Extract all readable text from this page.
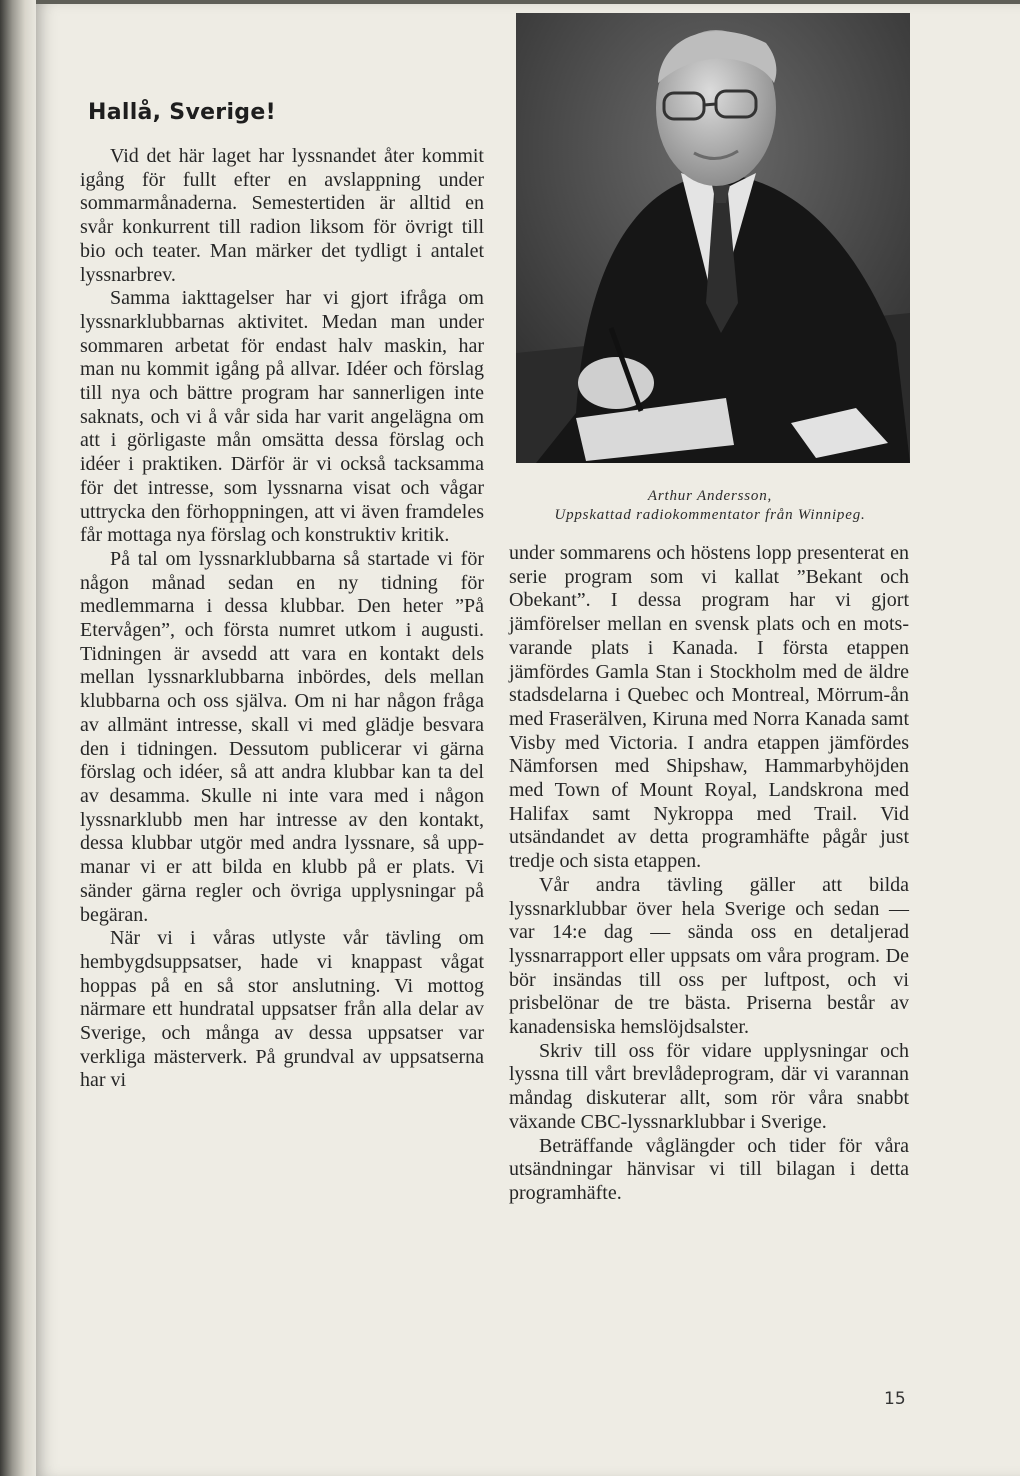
Hallå, Sverige!

Vid det här laget har lyssnandet åter kommit igång för fullt efter en avslappning under sommarmånaderna. Semestertiden är alltid en svår konkurrent till radion liksom för övrigt till bio och teater. Man märker det tydligt i antalet lyssnarbrev.

Samma iakttagelser har vi gjort ifråga om lyssnarklubbarnas aktivitet. Medan man under sommaren arbetat för endast halv maskin, har man nu kommit igång på allvar. Idéer och förslag till nya och bättre program har sannerligen inte saknats, och vi å vår sida har varit angelägna om att i görligaste mån omsätta dessa förslag och idéer i praktiken. Därför är vi också tacksamma för det intresse, som lyssnarna visat och vågar uttrycka den förhoppningen, att vi även framdeles får mottaga nya förslag och konstruktiv kritik.

På tal om lyssnarklubbarna så startade vi för någon månad sedan en ny tidning för medlemmarna i dessa klubbar. Den heter ”På Etervågen”, och första numret utkom i augusti. Tidningen är avsedd att vara en kontakt dels mellan lyssnarklubbarna inbördes, dels mellan klubbarna och oss själva. Om ni har någon fråga av allmänt intresse, skall vi med glädje besvara den i tidningen. Dessutom publicerar vi gärna förslag och idéer, så att andra klubbar kan ta del av desamma. Skulle ni inte vara med i någon lyssnarklubb men har intresse av den kontakt, dessa klubbar utgör med andra lyssnare, så uppmanar vi er att bilda en klubb på er plats. Vi sänder gärna regler och övriga upplysningar på begäran.

När vi i våras utlyste vår tävling om hembygdsuppsatser, hade vi knappast vågat hoppas på en så stor anslutning. Vi mottog närmare ett hundratal uppsatser från alla delar av Sverige, och många av dessa uppsatser var verkliga mästerverk. På grundval av uppsatserna har vi

Arthur Andersson,
Uppskattad radiokommentator från Winnipeg.

under sommarens och höstens lopp presenterat en serie program som vi kallat ”Bekant och Obekant”. I dessa program har vi gjort jämförelser mellan en svensk plats och en motsvarande plats i Kanada. I första etappen jämfördes Gamla Stan i Stockholm med de äldre stadsdelarna i Quebec och Montreal, Mörrum-ån med Fraserälven, Kiruna med Norra Kanada samt Visby med Victoria. I andra etappen jämfördes Nämforsen med Shipshaw, Hammarbyhöjden med Town of Mount Royal, Landskrona med Halifax samt Nykroppa med Trail. Vid utsändandet av detta programhäfte pågår just tredje och sista etappen.

Vår andra tävling gäller att bilda lyssnarklubbar över hela Sverige och sedan — var 14:e dag — sända oss en detaljerad lyssnarrapport eller uppsats om våra program. De bör insändas till oss per luftpost, och vi prisbelönar de tre bästa. Priserna består av kanadensiska hemslöjdsalster.

Skriv till oss för vidare upplysningar och lyssna till vårt brevlådeprogram, där vi varannan måndag diskuterar allt, som rör våra snabbt växande CBC-lyssnarklubbar i Sverige.

Beträffande våglängder och tider för våra utsändningar hänvisar vi till bilagan i detta programhäfte.

15
